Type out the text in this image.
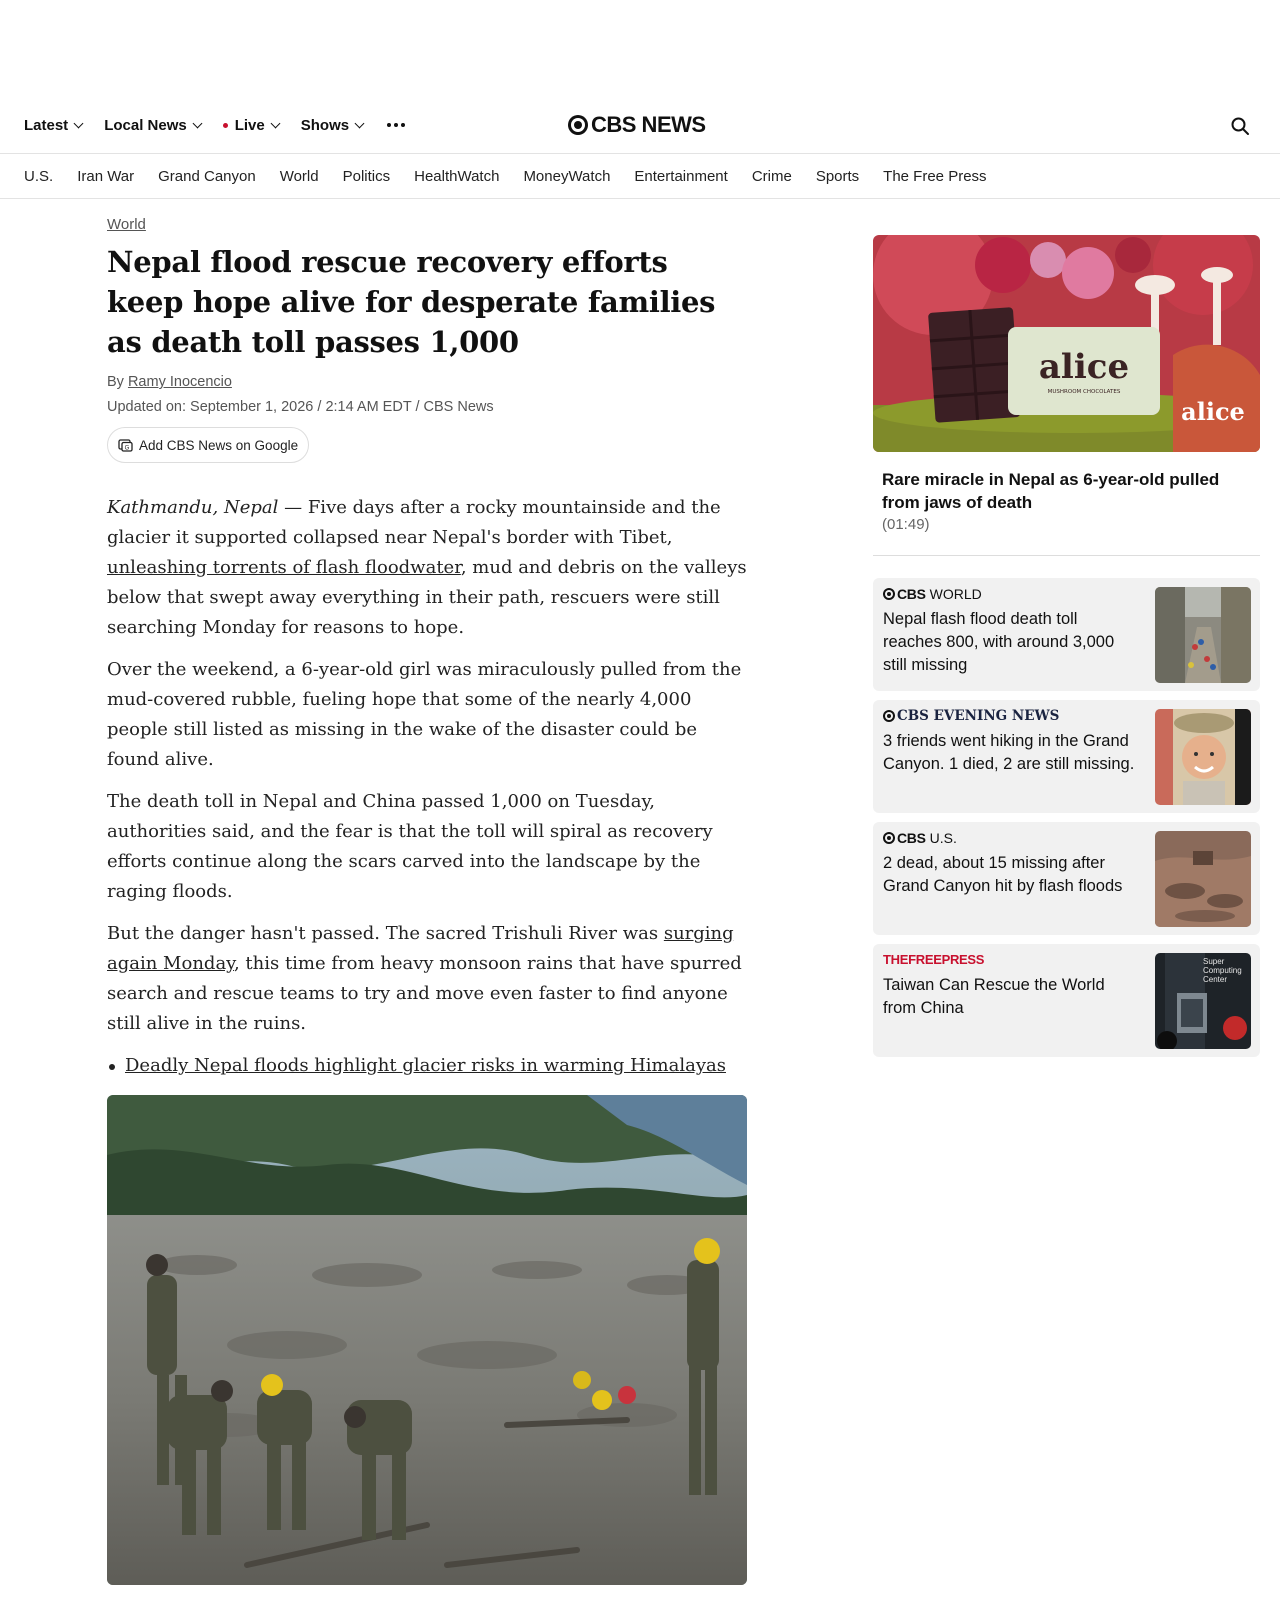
Latest Local News	Live Shows	CBS NEWS
U.S. Iran War Grand Canyon World Politics HealthWatch MoneyWatch Entertainment Crime Sports The Free Press
World
Nepal flood rescue recovery efforts keep hope alive for desperate families as death toll passes 1,000
By Ramy Inocencio
Updated on: September 1, 2026 / 2:14 AM EDT / CBS News
G Add CBS News on Google

Kathmandu, Nepal — Five days after a rocky mountainside and the glacier it supported collapsed near Nepal's border with Tibet, unleashing torrents of flash floodwater, mud and debris on the valleys below that swept away everything in their path, rescuers were still searching Monday for reasons to hope.

Over the weekend, a 6-year-old girl was miraculously pulled from the mud-covered rubble, fueling hope that some of the nearly 4,000 people still listed as missing in the wake of the disaster could be found alive.

The death toll in Nepal and China passed 1,000 on Tuesday, authorities said, and the fear is that the toll will spiral as recovery efforts continue along the scars carved into the landscape by the raging floods.

But the danger hasn't passed. The sacred Trishuli River was surging again Monday, this time from heavy monsoon rains that have spurred search and rescue teams to try and move even faster to find anyone still alive in the ruins.

Deadly Nepal floods highlight glacier risks in warming Himalayas
alice
MUSHROOM CHOCOLATES
alice
Rare miracle in Nepal as 6-year-old pulled from jaws of death
(01:49)
CBS WORLD
Nepal flash flood death toll reaches 800, with around 3,000 still missing
CBS EVENING NEWS
3 friends went hiking in the Grand Canyon. 1 died, 2 are still missing.
CBS U.S.
2 dead, about 15 missing after Grand Canyon hit by flash floods
THEFREEPRESS
Taiwan Can Rescue the World from China
Super Computing Center
